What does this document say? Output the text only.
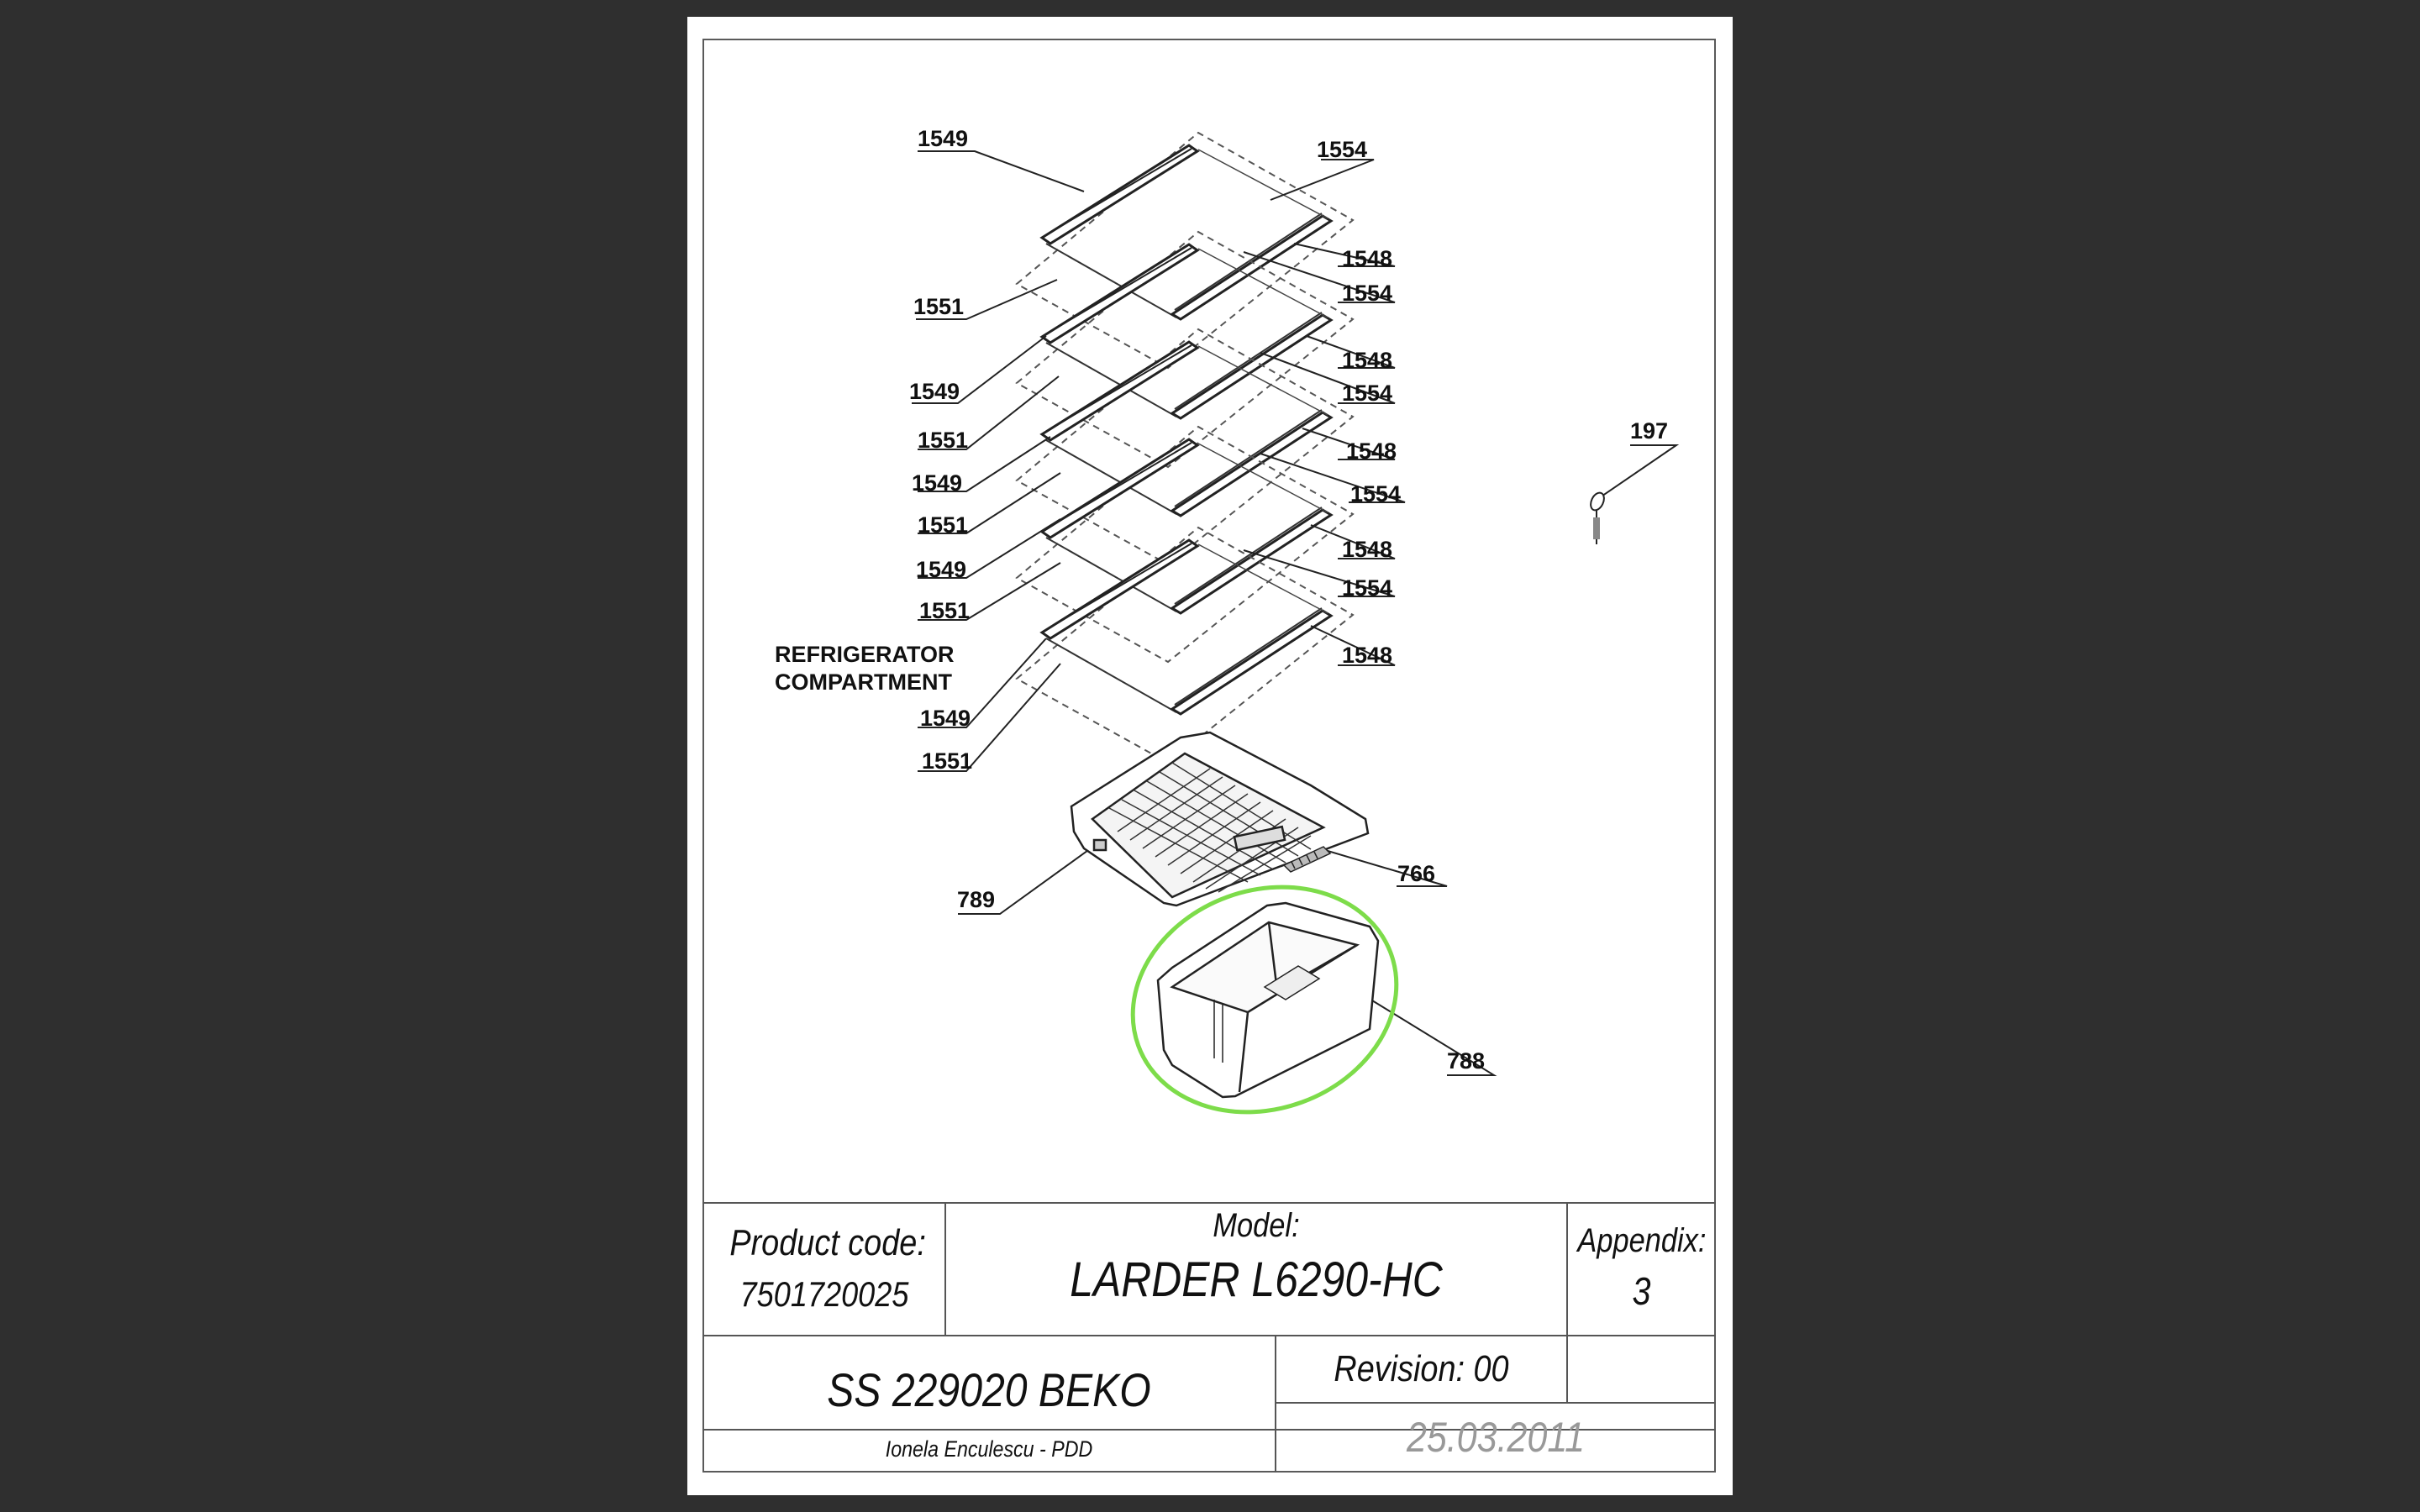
1549	1554
1548
1554
1551
1548
1549	1554
1551	1548
1549	1554
1551
1548
1549
1554
1551
1548
1549
1551
197
789
766
788
REFRIGERATOR
COMPARTMENT
Product code:
7501720025
Model:
LARDER L6290-HC
Appendix:
3
SS 229020 BEKO	Revision: 00
Ionela Enculescu - PDD	25.03.2011
